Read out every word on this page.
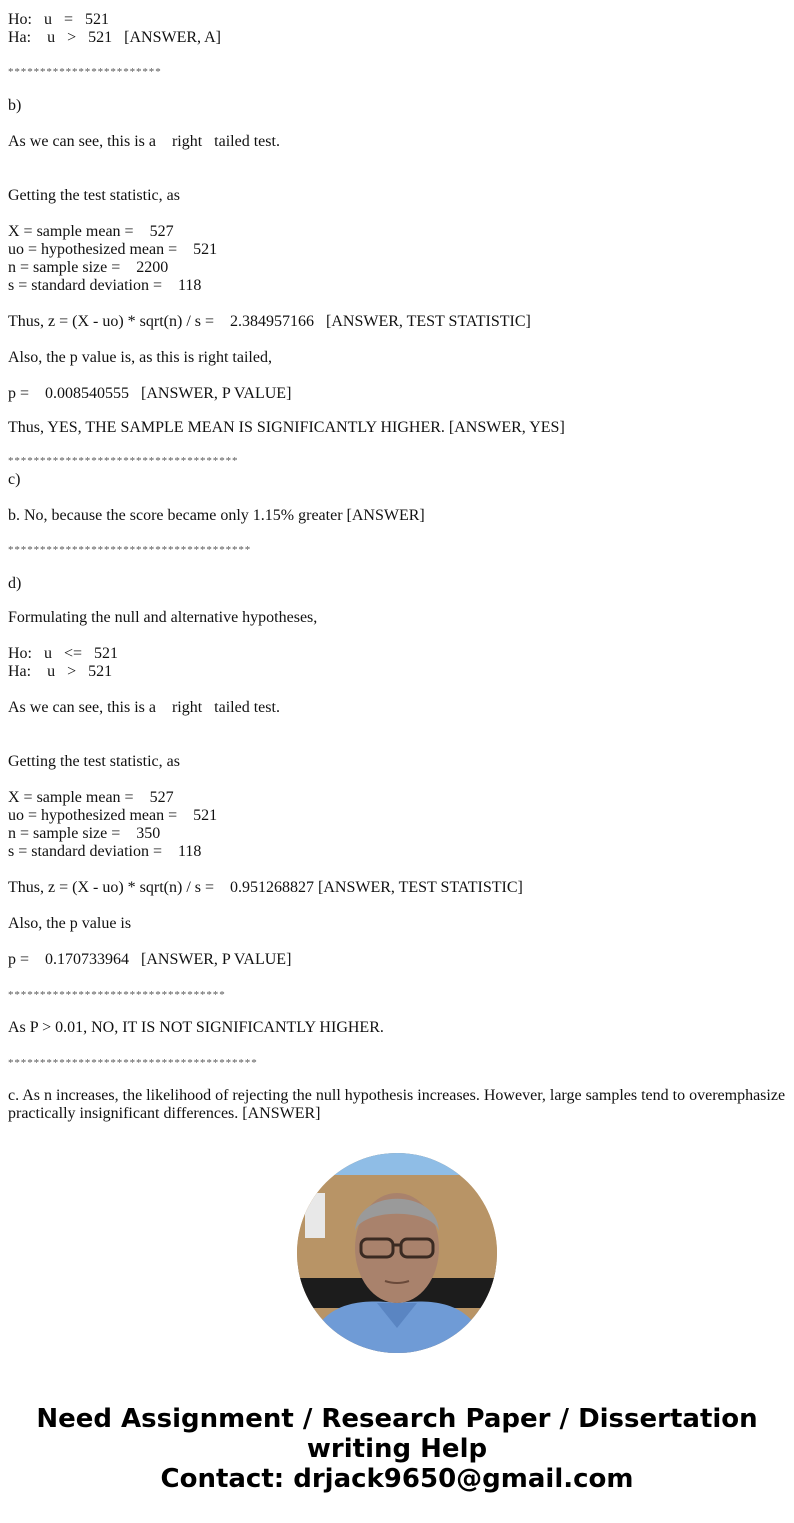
Ho:   u   =   521
Ha:    u   >   521   [ANSWER, A]
************************
b)
As we can see, this is a    right   tailed test.
Getting the test statistic, as
X = sample mean =    527
uo = hypothesized mean =    521
n = sample size =    2200
s = standard deviation =    118
Thus, z = (X - uo) * sqrt(n) / s =    2.384957166   [ANSWER, TEST STATISTIC]
Also, the p value is, as this is right tailed,
p =    0.008540555   [ANSWER, P VALUE]
Thus, YES, THE SAMPLE MEAN IS SIGNIFICANTLY HIGHER. [ANSWER, YES]
************************************
c)
b. No, because the score became only 1.15% greater [ANSWER]
**************************************
d)
Formulating the null and alternative hypotheses,
Ho:   u   <=   521
Ha:    u   >   521
As we can see, this is a    right   tailed test.
Getting the test statistic, as
X = sample mean =    527
uo = hypothesized mean =    521
n = sample size =    350
s = standard deviation =    118
Thus, z = (X - uo) * sqrt(n) / s =    0.951268827 [ANSWER, TEST STATISTIC]
Also, the p value is
p =    0.170733964   [ANSWER, P VALUE]
**********************************
As P > 0.01, NO, IT IS NOT SIGNIFICANTLY HIGHER.
***************************************
c. As n increases, the likelihood of rejecting the null hypothesis increases. However, large samples tend to overemphasize practically insignificant differences. [ANSWER]
Need Assignment / Research Paper / Dissertation
writing Help
Contact: drjack9650@gmail.com
